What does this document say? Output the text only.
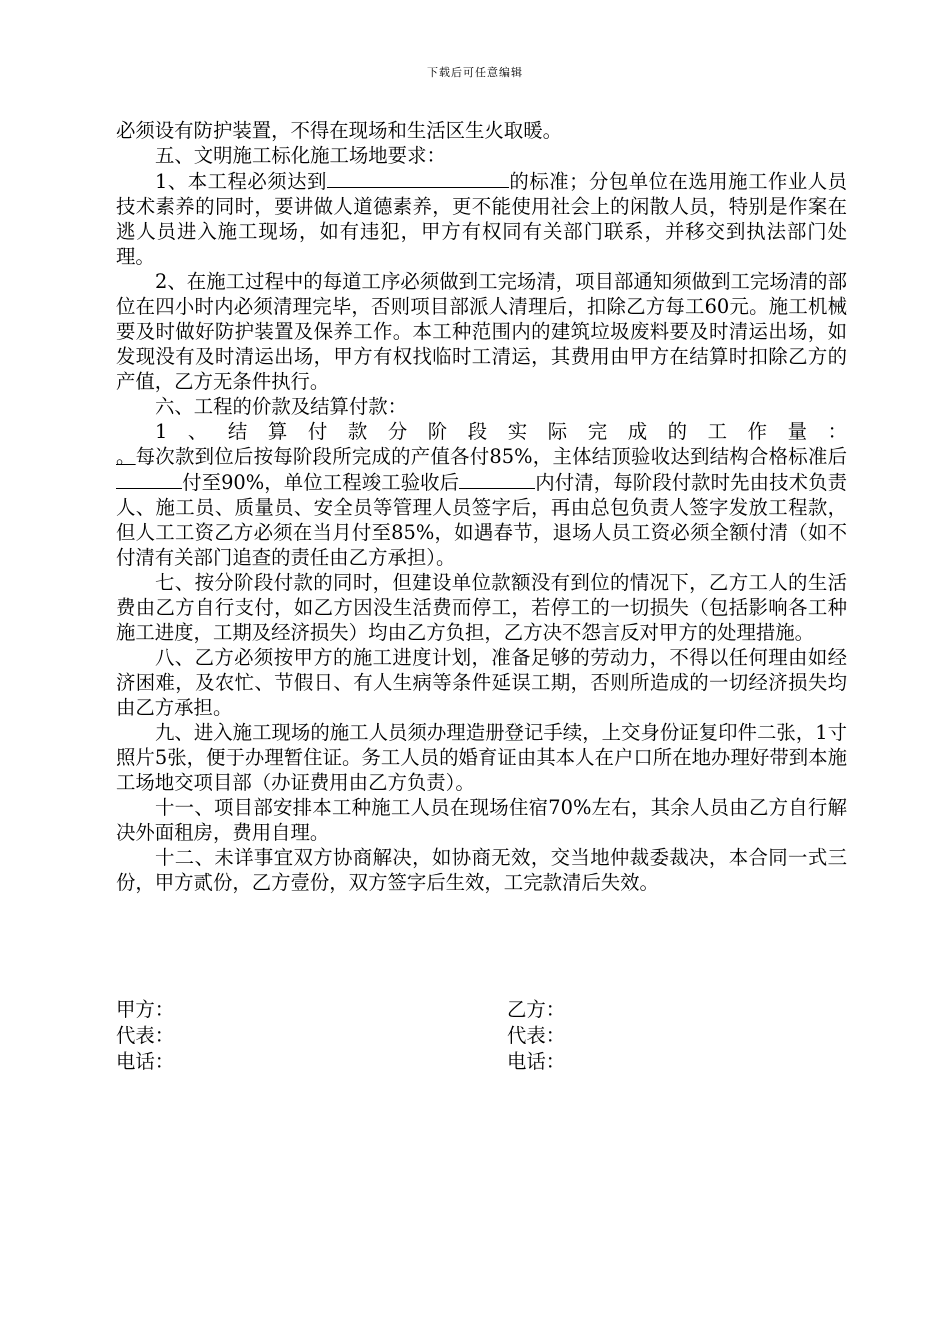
下载后可任意编辑

必须设有防护装置，不得在现场和生活区生火取暖。

五、文明施工标化施工场地要求：

1、本工程必须达到	的标准；分包单位在选用施工作业人员技术素养的同时，要讲做人道德素养，更不能使用社会上的闲散人员，特别是作案在逃人员进入施工现场，如有违犯，甲方有权同有关部门联系，并移交到执法部门处理。

2、在施工过程中的每道工序必须做到工完场清，项目部通知须做到工完场清的部位在四小时内必须清理完毕，否则项目部派人清理后，扣除乙方每工60元。施工机械要及时做好防护装置及保养工作。本工种范围内的建筑垃圾废料要及时清运出场，如发现没有及时清运出场，甲方有权找临时工清运，其费用由甲方在结算时扣除乙方的产值，乙方无条件执行。

六、工程的价款及结算付款：

1、结算付款分阶段实际完成的工作量：

。每次款到位后按每阶段所完成的产值各付85%，主体结顶验收达到结构合格标准后付至90%，单位工程竣工验收后	内付清，每阶段付款时先由技术负责人、施工员、质量员、安全员等管理人员签字后，再由总包负责人签字发放工程款，但人工工资乙方必须在当月付至85%，如遇春节，退场人员工资必须全额付清（如不付清有关部门追查的责任由乙方承担）。

七、按分阶段付款的同时，但建设单位款额没有到位的情况下，乙方工人的生活费由乙方自行支付，如乙方因没生活费而停工，若停工的一切损失（包括影响各工种施工进度，工期及经济损失）均由乙方负担，乙方决不怨言反对甲方的处理措施。

八、乙方必须按甲方的施工进度计划，准备足够的劳动力，不得以任何理由如经济困难，及农忙、节假日、有人生病等条件延误工期，否则所造成的一切经济损失均由乙方承担。

九、进入施工现场的施工人员须办理造册登记手续，上交身份证复印件二张，1寸照片5张，便于办理暂住证。务工人员的婚育证由其本人在户口所在地办理好带到本施工场地交项目部（办证费用由乙方负责）。

十一、项目部安排本工种施工人员在现场住宿70%左右，其余人员由乙方自行解决外面租房，费用自理。

十二、未详事宜双方协商解决，如协商无效，交当地仲裁委裁决，本合同一式三份，甲方贰份，乙方壹份，双方签字后生效，工完款清后失效。

甲方：
代表：
电话：
乙方：
代表：
电话：
